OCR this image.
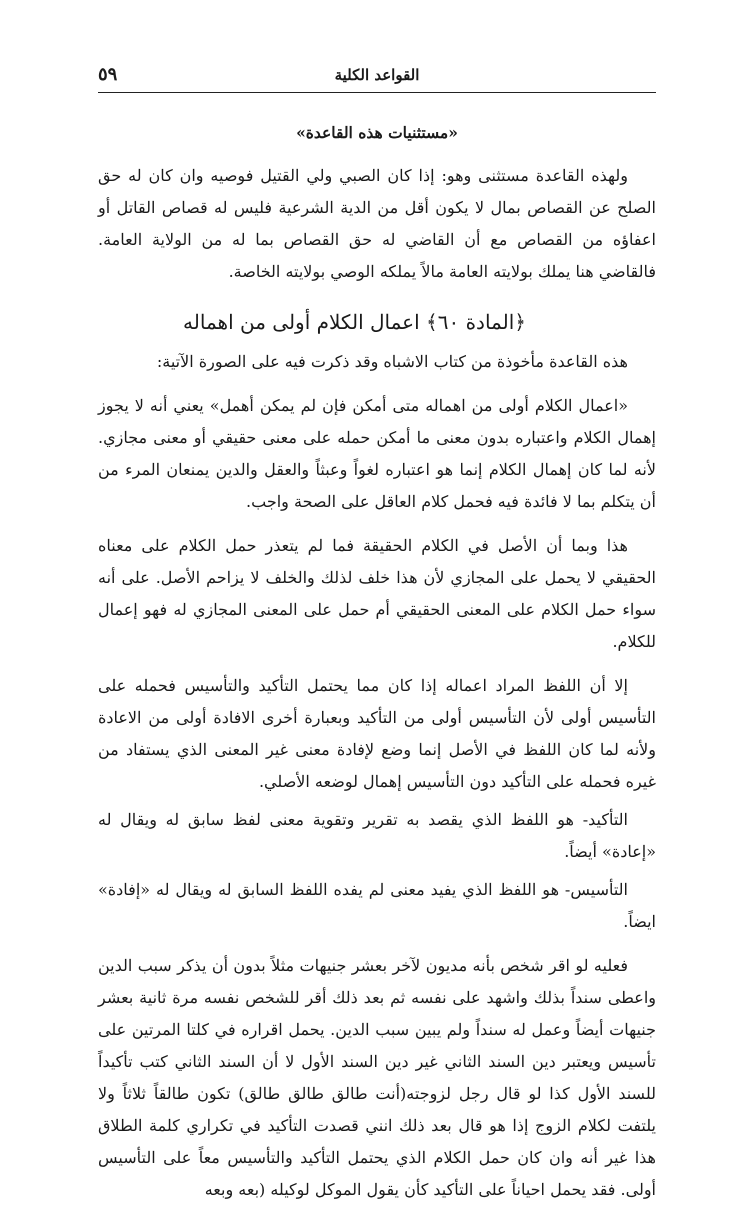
٥٩	القواعد الكلية

«مستثنيات هذه القاعدة»

ولهذه القاعدة مستثنى وهو: إذا كان الصبي ولي القتيل فوصيه وان كان له حق الصلح عن القصاص بمال لا يكون أقل من الدية الشرعية فليس له قصاص القاتل أو اعفاؤه من القصاص مع أن القاضي له حق القصاص بما له من الولاية العامة. فالقاضي هنا يملك بولايته العامة مالاً يملكه الوصي بولايته الخاصة.

﴿المادة ٦٠﴾ اعمال الكلام أولى من اهماله

هذه القاعدة مأخوذة من كتاب الاشباه وقد ذكرت فيه على الصورة الآتية:

«اعمال الكلام أولى من اهماله متى أمكن فإن لم يمكن أهمل» يعني أنه لا يجوز إهمال الكلام واعتباره بدون معنى ما أمكن حمله على معنى حقيقي أو معنى مجازي. لأنه لما كان إهمال الكلام إنما هو اعتباره لغواً وعبثاً والعقل والدين يمنعان المرء من أن يتكلم بما لا فائدة فيه فحمل كلام العاقل على الصحة واجب.

هذا وبما أن الأصل في الكلام الحقيقة فما لم يتعذر حمل الكلام على معناه الحقيقي لا يحمل على المجازي لأن هذا خلف لذلك والخلف لا يزاحم الأصل. على أنه سواء حمل الكلام على المعنى الحقيقي أم حمل على المعنى المجازي له فهو إعمال للكلام.

إلا أن اللفظ المراد اعماله إذا كان مما يحتمل التأكيد والتأسيس فحمله على التأسيس أولى لأن التأسيس أولى من التأكيد وبعبارة أخرى الافادة أولى من الاعادة ولأنه لما كان اللفظ في الأصل إنما وضع لإفادة معنى غير المعنى الذي يستفاد من غيره فحمله على التأكيد دون التأسيس إهمال لوضعه الأصلي.

التأكيد- هو اللفظ الذي يقصد به تقرير وتقوية معنى لفظ سابق له ويقال له «إعادة» أيضاً.

التأسيس- هو اللفظ الذي يفيد معنى لم يفده اللفظ السابق له ويقال له «إفادة» ايضاً.

فعليه لو اقر شخص بأنه مديون لآخر بعشر جنيهات مثلاً بدون أن يذكر سبب الدين واعطى سنداً بذلك واشهد على نفسه ثم بعد ذلك أقر للشخص نفسه مرة ثانية بعشر جنيهات أيضاً وعمل له سنداً ولم يبين سبب الدين. يحمل اقراره في كلتا المرتين على تأسيس ويعتبر دين السند الثاني غير دين السند الأول لا أن السند الثاني كتب تأكيداً للسند الأول كذا لو قال رجل لزوجته(أنت طالق طالق طالق) تكون طالقاً ثلاثاً ولا يلتفت لكلام الزوج إذا هو قال بعد ذلك انني قصدت التأكيد في تكراري كلمة الطلاق هذا غير أنه وان كان حمل الكلام الذي يحتمل التأكيد والتأسيس معاً على التأسيس أولى. فقد يحمل احياناً على التأكيد كأن يقول الموكل لوكيله (بعه وبعه
